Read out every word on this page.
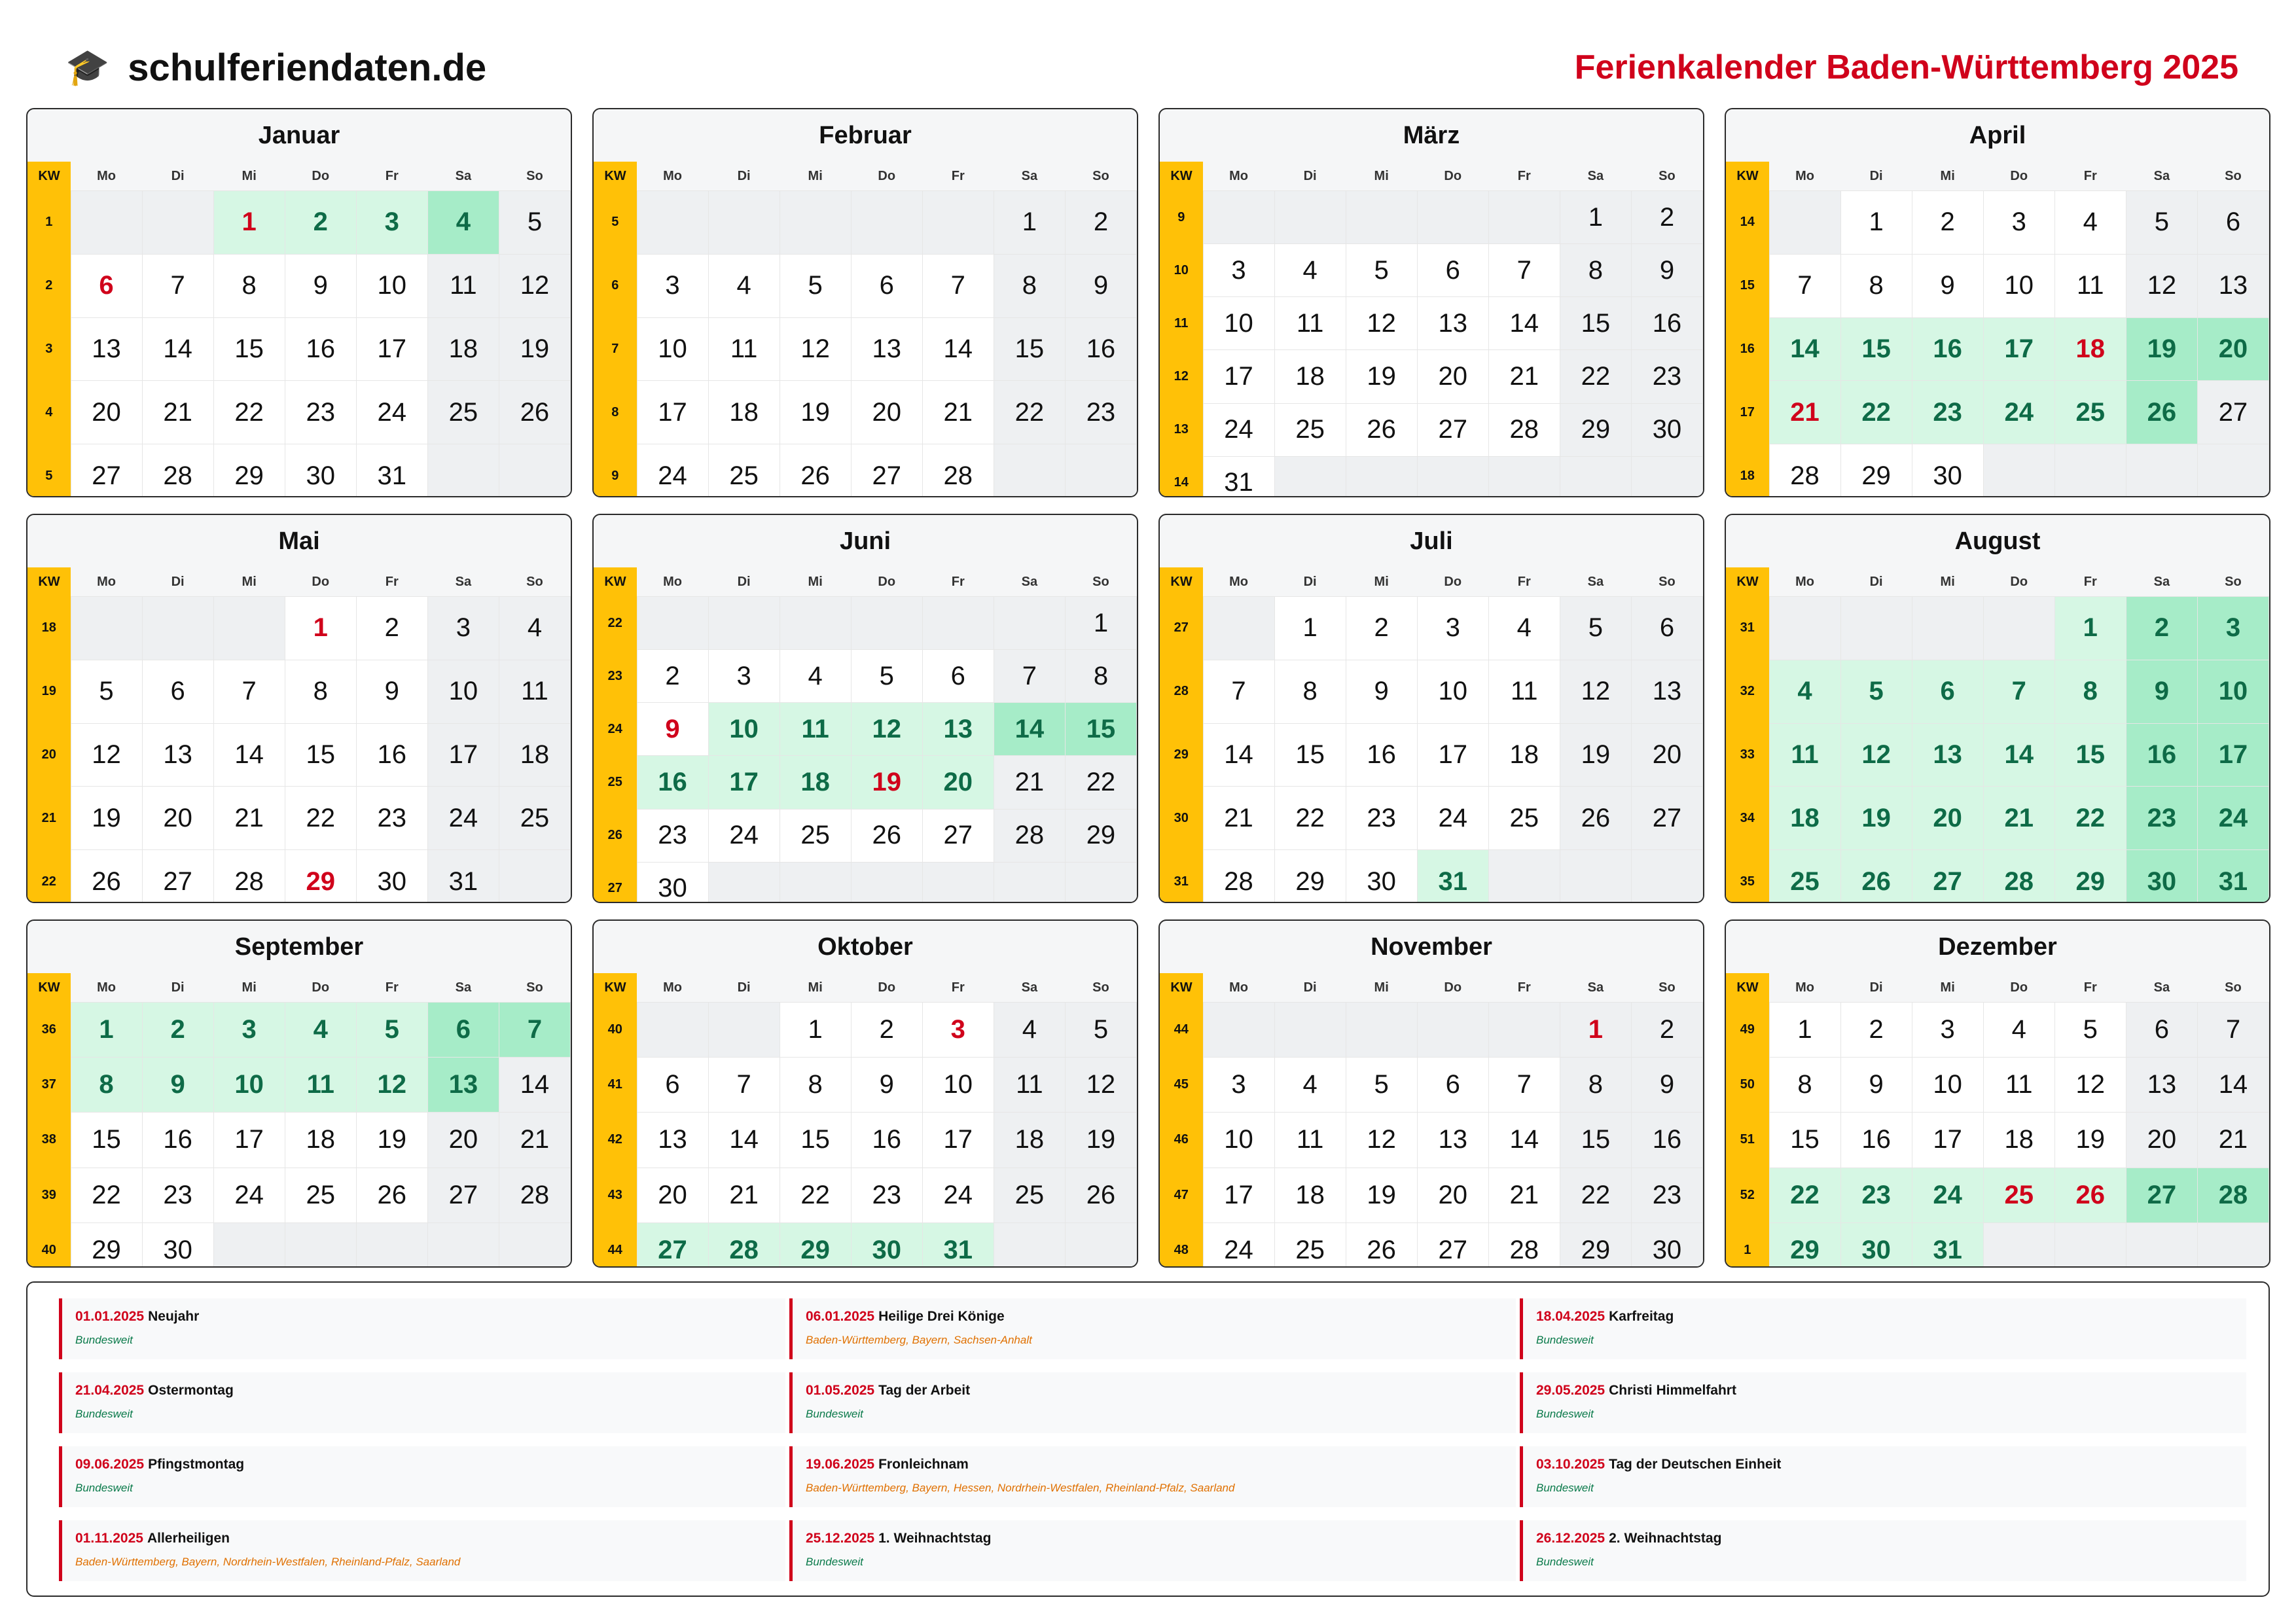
🎓 schulferiendaten.de	Ferienkalender Baden-Württemberg 2025
Januar
KW	Mo	Di	Mi	Do	Fr	Sa	So
1			1	2	3	4	5
2	6	7	8	9	10	11	12
3	13	14	15	16	17	18	19
4	20	21	22	23	24	25	26
5	27	28	29	30	31		
Februar
KW	Mo	Di	Mi	Do	Fr	Sa	So
5						1	2
6	3	4	5	6	7	8	9
7	10	11	12	13	14	15	16
8	17	18	19	20	21	22	23
9	24	25	26	27	28		
März
KW	Mo	Di	Mi	Do	Fr	Sa	So
9						1	2
10	3	4	5	6	7	8	9
11	10	11	12	13	14	15	16
12	17	18	19	20	21	22	23
13	24	25	26	27	28	29	30
14	31						
April
KW	Mo	Di	Mi	Do	Fr	Sa	So
14		1	2	3	4	5	6
15	7	8	9	10	11	12	13
16	14	15	16	17	18	19	20
17	21	22	23	24	25	26	27
18	28	29	30				
Mai
KW	Mo	Di	Mi	Do	Fr	Sa	So
18				1	2	3	4
19	5	6	7	8	9	10	11
20	12	13	14	15	16	17	18
21	19	20	21	22	23	24	25
22	26	27	28	29	30	31	
Juni
KW	Mo	Di	Mi	Do	Fr	Sa	So
22							1
23	2	3	4	5	6	7	8
24	9	10	11	12	13	14	15
25	16	17	18	19	20	21	22
26	23	24	25	26	27	28	29
27	30						
Juli
KW	Mo	Di	Mi	Do	Fr	Sa	So
27		1	2	3	4	5	6
28	7	8	9	10	11	12	13
29	14	15	16	17	18	19	20
30	21	22	23	24	25	26	27
31	28	29	30	31			
August
KW	Mo	Di	Mi	Do	Fr	Sa	So
31					1	2	3
32	4	5	6	7	8	9	10
33	11	12	13	14	15	16	17
34	18	19	20	21	22	23	24
35	25	26	27	28	29	30	31
September
KW	Mo	Di	Mi	Do	Fr	Sa	So
36	1	2	3	4	5	6	7
37	8	9	10	11	12	13	14
38	15	16	17	18	19	20	21
39	22	23	24	25	26	27	28
40	29	30					
Oktober
KW	Mo	Di	Mi	Do	Fr	Sa	So
40			1	2	3	4	5
41	6	7	8	9	10	11	12
42	13	14	15	16	17	18	19
43	20	21	22	23	24	25	26
44	27	28	29	30	31		
November
KW	Mo	Di	Mi	Do	Fr	Sa	So
44						1	2
45	3	4	5	6	7	8	9
46	10	11	12	13	14	15	16
47	17	18	19	20	21	22	23
48	24	25	26	27	28	29	30
Dezember
KW	Mo	Di	Mi	Do	Fr	Sa	So
49	1	2	3	4	5	6	7
50	8	9	10	11	12	13	14
51	15	16	17	18	19	20	21
52	22	23	24	25	26	27	28
1	29	30	31				
01.01.2025 Neujahr
Bundesweit
06.01.2025 Heilige Drei Könige
Baden-Württemberg, Bayern, Sachsen-Anhalt
18.04.2025 Karfreitag
Bundesweit
21.04.2025 Ostermontag
Bundesweit
01.05.2025 Tag der Arbeit
Bundesweit
29.05.2025 Christi Himmelfahrt
Bundesweit
09.06.2025 Pfingstmontag
Bundesweit
19.06.2025 Fronleichnam
Baden-Württemberg, Bayern, Hessen, Nordrhein-Westfalen, Rheinland-Pfalz, Saarland
03.10.2025 Tag der Deutschen Einheit
Bundesweit
01.11.2025 Allerheiligen
Baden-Württemberg, Bayern, Nordrhein-Westfalen, Rheinland-Pfalz, Saarland
25.12.2025 1. Weihnachtstag
Bundesweit
26.12.2025 2. Weihnachtstag
Bundesweit
